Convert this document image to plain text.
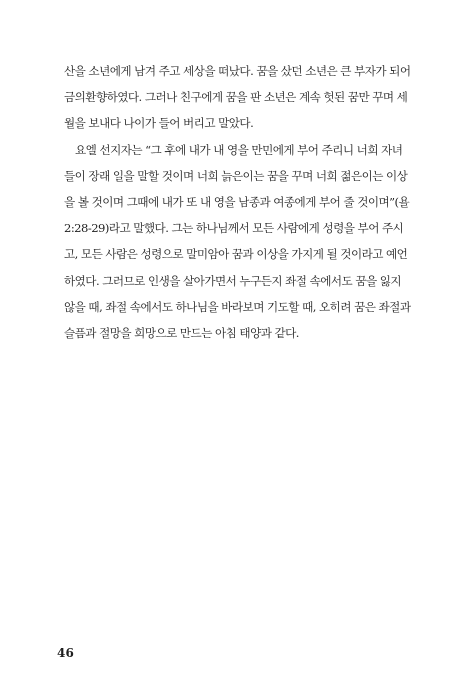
산을 소년에게 남겨 주고 세상을 떠났다. 꿈을 샀던 소년은 큰 부자가 되어
금의환향하였다. 그러나 친구에게 꿈을 판 소년은 계속 헛된 꿈만 꾸며 세
월을 보내다 나이가 들어 버리고 말았다.
요엘 선지자는 “그 후에 내가 내 영을 만민에게 부어 주리니 너희 자녀
들이 장래 일을 말할 것이며 너희 늙은이는 꿈을 꾸며 너희 젊은이는 이상
을 볼 것이며 그때에 내가 또 내 영을 남종과 여종에게 부어 줄 것이며”(욜
2:28-29)라고 말했다. 그는 하나님께서 모든 사람에게 성령을 부어 주시
고, 모든 사람은 성령으로 말미암아 꿈과 이상을 가지게 될 것이라고 예언
하였다. 그러므로 인생을 살아가면서 누구든지 좌절 속에서도 꿈을 잃지
않을 때, 좌절 속에서도 하나님을 바라보며 기도할 때, 오히려 꿈은 좌절과
슬픔과 절망을 희망으로 만드는 아침 태양과 같다.
46
